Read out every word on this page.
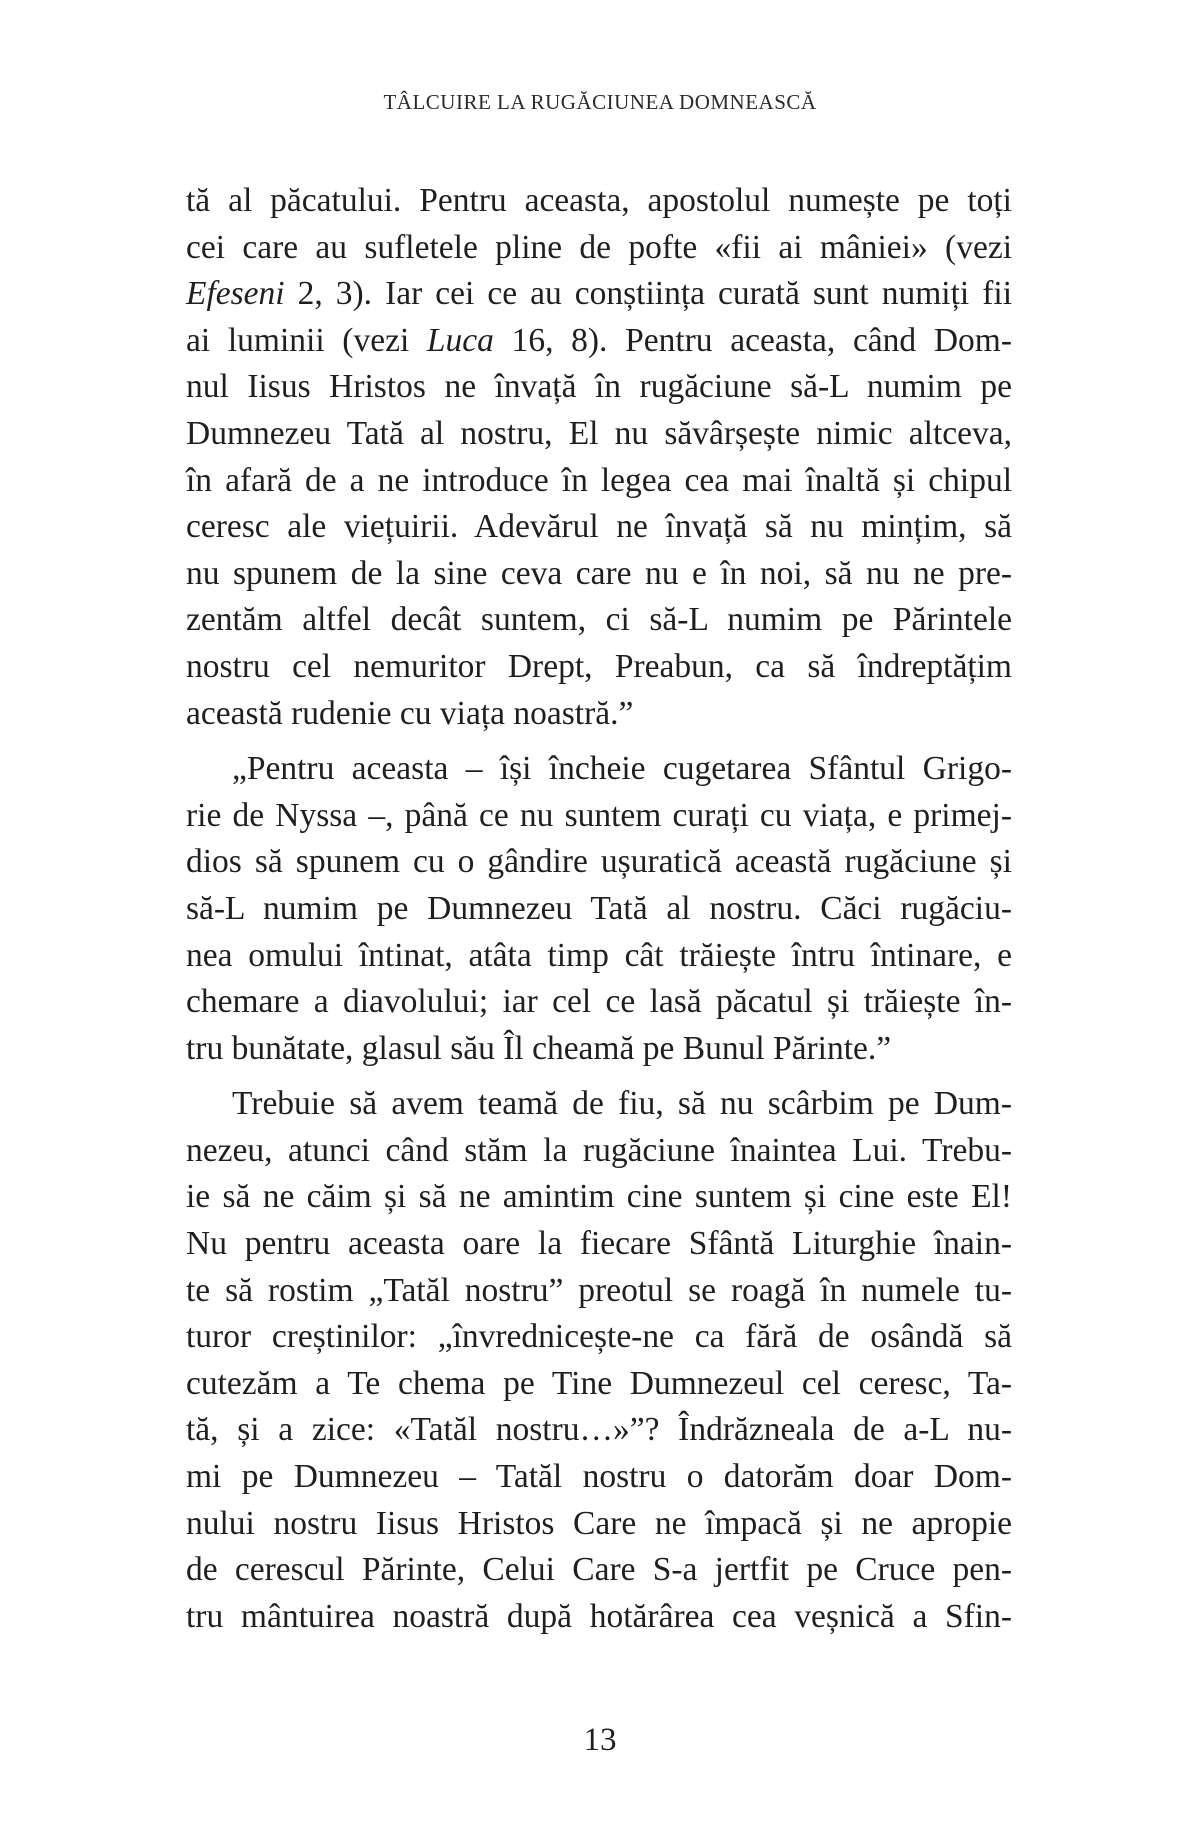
TÂLCUIRE LA RUGĂCIUNEA DOMNEASCĂ
tă al păcatului. Pentru aceasta, apostolul numește pe toți
cei care au sufletele pline de pofte «fii ai mâniei» (vezi
Efeseni 2, 3). Iar cei ce au conștiința curată sunt numiți fii
ai luminii (vezi Luca 16, 8). Pentru aceasta, când Dom-
nul Iisus Hristos ne învață în rugăciune să-L numim pe
Dumnezeu Tată al nostru, El nu săvârșește nimic altceva,
în afară de a ne introduce în legea cea mai înaltă și chipul
ceresc ale viețuirii. Adevărul ne învață să nu mințim, să
nu spunem de la sine ceva care nu e în noi, să nu ne pre-
zentăm altfel decât suntem, ci să-L numim pe Părintele
nostru cel nemuritor Drept, Preabun, ca să îndreptățim
această rudenie cu viața noastră.”
„Pentru aceasta – își încheie cugetarea Sfântul Grigo-
rie de Nyssa –, până ce nu suntem curați cu viața, e primej-
dios să spunem cu o gândire ușuratică această rugăciune și
să-L numim pe Dumnezeu Tată al nostru. Căci rugăciu-
nea omului întinat, atâta timp cât trăiește întru întinare, e
chemare a diavolului; iar cel ce lasă păcatul și trăiește în-
tru bunătate, glasul său Îl cheamă pe Bunul Părinte.”
Trebuie să avem teamă de fiu, să nu scârbim pe Dum-
nezeu, atunci când stăm la rugăciune înaintea Lui. Trebu-
ie să ne căim și să ne amintim cine suntem și cine este El!
Nu pentru aceasta oare la fiecare Sfântă Liturghie înain-
te să rostim „Tatăl nostru” preotul se roagă în numele tu-
turor creștinilor: „învrednicește-ne ca fără de osândă să
cutezăm a Te chema pe Tine Dumnezeul cel ceresc, Ta-
tă, și a zice: «Tatăl nostru…»”? Îndrăzneala de a-L nu-
mi pe Dumnezeu – Tatăl nostru o datorăm doar Dom-
nului nostru Iisus Hristos Care ne împacă și ne apropie
de cerescul Părinte, Celui Care S-a jertfit pe Cruce pen-
tru mântuirea noastră după hotărârea cea veșnică a Sfin-
13
